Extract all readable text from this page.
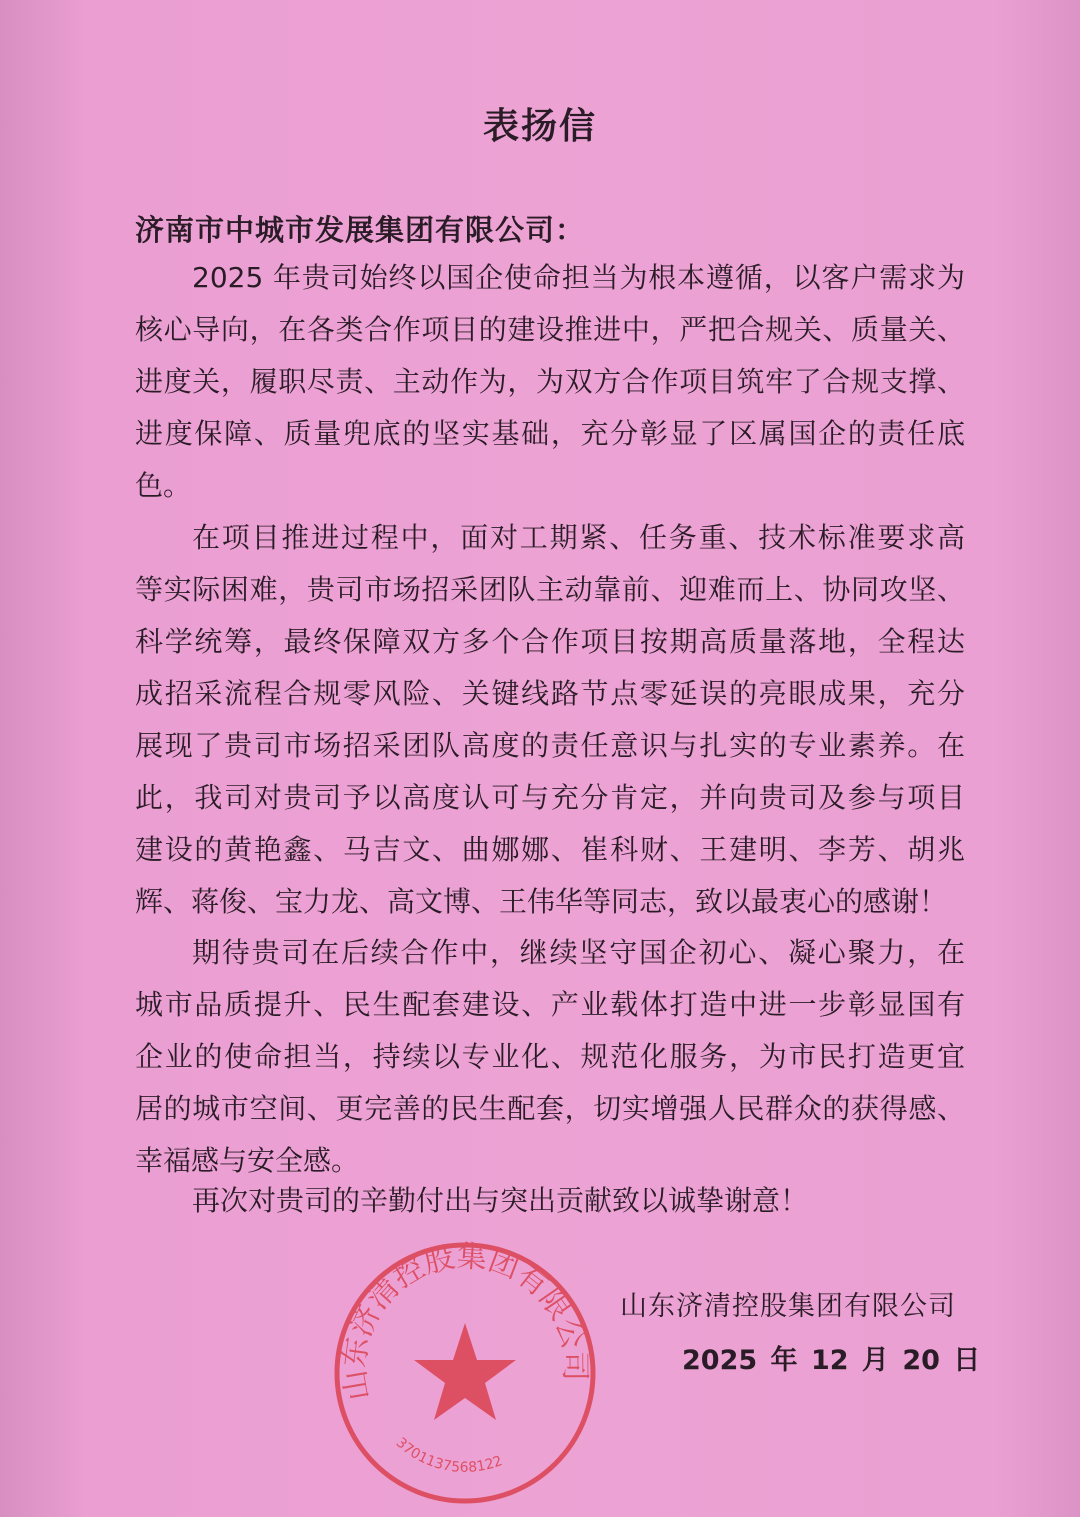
表扬信
济南市中城市发展集团有限公司：
2025 年贵司始终以国企使命担当为根本遵循，以客户需求为
核心导向，在各类合作项目的建设推进中，严把合规关、质量关、
进度关，履职尽责、主动作为，为双方合作项目筑牢了合规支撑、
进度保障、质量兜底的坚实基础，充分彰显了区属国企的责任底
色。
在项目推进过程中，面对工期紧、任务重、技术标准要求高
等实际困难，贵司市场招采团队主动靠前、迎难而上、协同攻坚、
科学统筹，最终保障双方多个合作项目按期高质量落地，全程达
成招采流程合规零风险、关键线路节点零延误的亮眼成果，充分
展现了贵司市场招采团队高度的责任意识与扎实的专业素养。在
此，我司对贵司予以高度认可与充分肯定，并向贵司及参与项目
建设的黄艳鑫、马吉文、曲娜娜、崔科财、王建明、李芳、胡兆
辉、蒋俊、宝力龙、高文博、王伟华等同志，致以最衷心的感谢！
期待贵司在后续合作中，继续坚守国企初心、凝心聚力，在
城市品质提升、民生配套建设、产业载体打造中进一步彰显国有
企业的使命担当，持续以专业化、规范化服务，为市民打造更宜
居的城市空间、更完善的民生配套，切实增强人民群众的获得感、
幸福感与安全感。
再次对贵司的辛勤付出与突出贡献致以诚挚谢意！
山东济清控股集团有限公司
3701137568122
山东济清控股集团有限公司
2025 年 12 月 20 日
